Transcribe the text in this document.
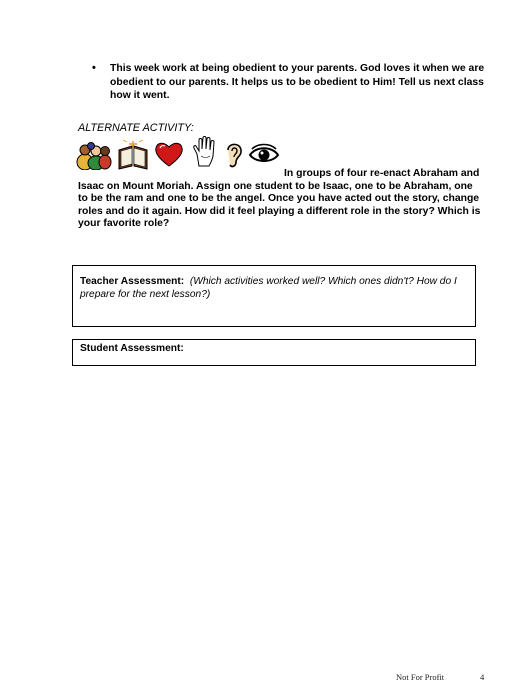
• This week work at being obedient to your parents. God loves it when we are obedient to our parents. It helps us to be obedient to Him! Tell us next class how it went.
ALTERNATE ACTIVITY:
In groups of four re-enact Abraham and Isaac on Mount Moriah. Assign one student to be Isaac, one to be Abraham, one to be the ram and one to be the angel. Once you have acted out the story, change roles and do it again. How did it feel playing a different role in the story? Which is your favorite role?
Teacher Assessment: (Which activities worked well? Which ones didn't? How do I prepare for the next lesson?)
Student Assessment:
Not For Profit	4
